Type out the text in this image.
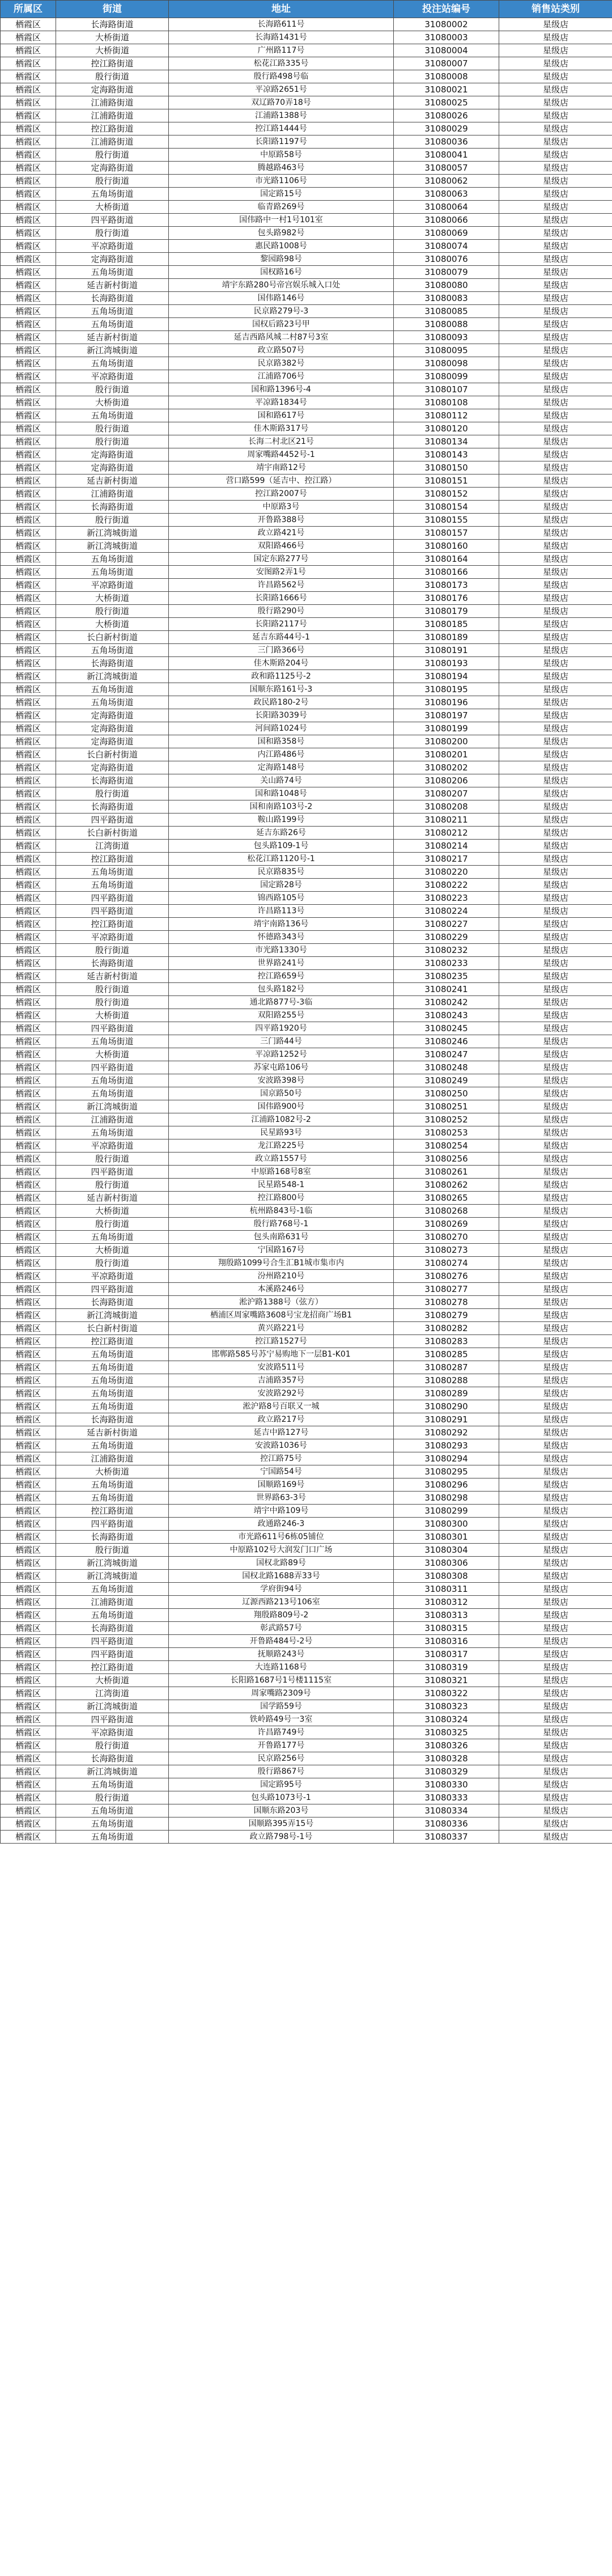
所属区	街道	地址	投注站编号	销售站类别
栖霞区	长海路街道	长海路611号	31080002	星级店
栖霞区	大桥街道	长海路1431号	31080003	星级店
栖霞区	大桥街道	广州路117号	31080004	星级店
栖霞区	控江路街道	松花江路335号	31080007	星级店
栖霞区	殷行街道	殷行路498号临	31080008	星级店
栖霞区	定海路街道	平凉路2651号	31080021	星级店
栖霞区	江浦路街道	双辽路70弄18号	31080025	星级店
栖霞区	江浦路街道	江浦路1388号	31080026	星级店
栖霞区	控江路街道	控江路1444号	31080029	星级店
栖霞区	江浦路街道	长阳路1197号	31080036	星级店
栖霞区	殷行街道	中原路58号	31080041	星级店
栖霞区	定海路街道	腾越路463号	31080057	星级店
栖霞区	殷行街道	市光路1106号	31080062	星级店
栖霞区	五角场街道	国定路15号	31080063	星级店
栖霞区	大桥街道	临青路269号	31080064	星级店
栖霞区	四平路街道	国伟路中一村1号101室	31080066	星级店
栖霞区	殷行街道	包头路982号	31080069	星级店
栖霞区	平凉路街道	惠民路1008号	31080074	星级店
栖霞区	定海路街道	黎园路98号	31080076	星级店
栖霞区	五角场街道	国权路16号	31080079	星级店
栖霞区	延吉新村街道	靖宇东路280号帝宫娱乐城入口处	31080080	星级店
栖霞区	长海路街道	国伟路146号	31080083	星级店
栖霞区	五角场街道	民京路279号-3	31080085	星级店
栖霞区	五角场街道	国权后路23号甲	31080088	星级店
栖霞区	延吉新村街道	延吉西路风城二村87号3室	31080093	星级店
栖霞区	新江湾城街道	政立路507号	31080095	星级店
栖霞区	五角场街道	民京路382号	31080098	星级店
栖霞区	平凉路街道	江浦路706号	31080099	星级店
栖霞区	殷行街道	国和路1396号-4	31080107	星级店
栖霞区	大桥街道	平凉路1834号	31080108	星级店
栖霞区	五角场街道	国和路617号	31080112	星级店
栖霞区	殷行街道	佳木斯路317号	31080120	星级店
栖霞区	殷行街道	长海二村北区21号	31080134	星级店
栖霞区	定海路街道	周家嘴路4452号-1	31080143	星级店
栖霞区	定海路街道	靖宇南路12号	31080150	星级店
栖霞区	延吉新村街道	营口路599（延吉中、控江路）	31080151	星级店
栖霞区	江浦路街道	控江路2007号	31080152	星级店
栖霞区	长海路街道	中原路3号	31080154	星级店
栖霞区	殷行街道	开鲁路388号	31080155	星级店
栖霞区	新江湾城街道	政立路421号	31080157	星级店
栖霞区	新江湾城街道	双阳路466号	31080160	星级店
栖霞区	五角场街道	国定东路277号	31080164	星级店
栖霞区	五角场街道	安图路2弄1号	31080166	星级店
栖霞区	平凉路街道	许昌路562号	31080173	星级店
栖霞区	大桥街道	长阳路1666号	31080176	星级店
栖霞区	殷行街道	殷行路290号	31080179	星级店
栖霞区	大桥街道	长阳路2117号	31080185	星级店
栖霞区	长白新村街道	延吉东路44号-1	31080189	星级店
栖霞区	五角场街道	三门路366号	31080191	星级店
栖霞区	长海路街道	佳木斯路204号	31080193	星级店
栖霞区	新江湾城街道	政和路1125号-2	31080194	星级店
栖霞区	五角场街道	国顺东路161号-3	31080195	星级店
栖霞区	五角场街道	政民路180-2号	31080196	星级店
栖霞区	定海路街道	长阳路3039号	31080197	星级店
栖霞区	定海路街道	河间路1024号	31080199	星级店
栖霞区	定海路街道	国和路358号	31080200	星级店
栖霞区	长白新村街道	内江路486号	31080201	星级店
栖霞区	定海路街道	定海路148号	31080202	星级店
栖霞区	长海路街道	关山路74号	31080206	星级店
栖霞区	殷行街道	国和路1048号	31080207	星级店
栖霞区	长海路街道	国和南路103号-2	31080208	星级店
栖霞区	四平路街道	鞍山路199号	31080211	星级店
栖霞区	长白新村街道	延吉东路26号	31080212	星级店
栖霞区	江湾街道	包头路109-1号	31080214	星级店
栖霞区	控江路街道	松花江路1120号-1	31080217	星级店
栖霞区	五角场街道	民京路835号	31080220	星级店
栖霞区	五角场街道	国定路28号	31080222	星级店
栖霞区	四平路街道	锦西路105号	31080223	星级店
栖霞区	四平路街道	许昌路113号	31080224	星级店
栖霞区	控江路街道	靖宇南路136号	31080227	星级店
栖霞区	平凉路街道	怀德路343号	31080229	星级店
栖霞区	殷行街道	市光路1330号	31080232	星级店
栖霞区	长海路街道	世界路241号	31080233	星级店
栖霞区	延吉新村街道	控江路659号	31080235	星级店
栖霞区	殷行街道	包头路182号	31080241	星级店
栖霞区	殷行街道	通北路877号-3临	31080242	星级店
栖霞区	大桥街道	双阳路255号	31080243	星级店
栖霞区	四平路街道	四平路1920号	31080245	星级店
栖霞区	五角场街道	三门路44号	31080246	星级店
栖霞区	大桥街道	平凉路1252号	31080247	星级店
栖霞区	四平路街道	苏家屯路106号	31080248	星级店
栖霞区	五角场街道	安波路398号	31080249	星级店
栖霞区	五角场街道	国京路50号	31080250	星级店
栖霞区	新江湾城街道	国伟路900号	31080251	星级店
栖霞区	江浦路街道	江浦路1082号-2	31080252	星级店
栖霞区	五角场街道	民星路93号	31080253	星级店
栖霞区	平凉路街道	龙江路225号	31080254	星级店
栖霞区	殷行街道	政立路1557号	31080256	星级店
栖霞区	四平路街道	中原路168号8室	31080261	星级店
栖霞区	殷行街道	民星路548-1	31080262	星级店
栖霞区	延吉新村街道	控江路800号	31080265	星级店
栖霞区	大桥街道	杭州路843号-1临	31080268	星级店
栖霞区	殷行街道	殷行路768号-1	31080269	星级店
栖霞区	五角场街道	包头南路631号	31080270	星级店
栖霞区	大桥街道	宁国路167号	31080273	星级店
栖霞区	殷行街道	翔殷路1099号合生汇B1城市集市内	31080274	星级店
栖霞区	平凉路街道	汾州路210号	31080276	星级店
栖霞区	四平路街道	本溪路246号	31080277	星级店
栖霞区	长海路街道	淞沪路1388号（弦方）	31080278	星级店
栖霞区	新江湾城街道	栖浦区周家嘴路3608号宝龙招商广场B1	31080279	星级店
栖霞区	长白新村街道	黄兴路221号	31080282	星级店
栖霞区	控江路街道	控江路1527号	31080283	星级店
栖霞区	五角场街道	邯郸路585号苏宁易购地下一层B1-K01	31080285	星级店
栖霞区	五角场街道	安波路511号	31080287	星级店
栖霞区	五角场街道	吉浦路357号	31080288	星级店
栖霞区	五角场街道	安波路292号	31080289	星级店
栖霞区	五角场街道	淞沪路8号百联又一城	31080290	星级店
栖霞区	长海路街道	政立路217号	31080291	星级店
栖霞区	延吉新村街道	延吉中路127号	31080292	星级店
栖霞区	五角场街道	安波路1036号	31080293	星级店
栖霞区	江浦路街道	控江路75号	31080294	星级店
栖霞区	大桥街道	宁国路54号	31080295	星级店
栖霞区	五角场街道	国顺路169号	31080296	星级店
栖霞区	五角场街道	世界路63-3号	31080298	星级店
栖霞区	控江路街道	靖宇中路109号	31080299	星级店
栖霞区	四平路街道	政通路246-3	31080300	星级店
栖霞区	长海路街道	市光路611号6栋05铺位	31080301	星级店
栖霞区	殷行街道	中原路102号大润发门口广场	31080304	星级店
栖霞区	新江湾城街道	国权北路89号	31080306	星级店
栖霞区	新江湾城街道	国权北路1688弄33号	31080308	星级店
栖霞区	五角场街道	学府街94号	31080311	星级店
栖霞区	江浦路街道	辽源西路213号106室	31080312	星级店
栖霞区	五角场街道	翔殷路809号-2	31080313	星级店
栖霞区	长海路街道	彰武路57号	31080315	星级店
栖霞区	四平路街道	开鲁路484号-2号	31080316	星级店
栖霞区	四平路街道	抚顺路243号	31080317	星级店
栖霞区	控江路街道	大连路1168号	31080319	星级店
栖霞区	大桥街道	长阳路1687号1号楼1115室	31080321	星级店
栖霞区	江湾街道	周家嘴路2309号	31080322	星级店
栖霞区	新江湾城街道	国学路59号	31080323	星级店
栖霞区	四平路街道	铁岭路49号一3室	31080324	星级店
栖霞区	平凉路街道	许昌路749号	31080325	星级店
栖霞区	殷行街道	开鲁路177号	31080326	星级店
栖霞区	长海路街道	民京路256号	31080328	星级店
栖霞区	新江湾城街道	殷行路867号	31080329	星级店
栖霞区	五角场街道	国定路95号	31080330	星级店
栖霞区	殷行街道	包头路1073号-1	31080333	星级店
栖霞区	五角场街道	国顺东路203号	31080334	星级店
栖霞区	五角场街道	国顺路395弄15号	31080336	星级店
栖霞区	五角场街道	政立路798号-1号	31080337	星级店
